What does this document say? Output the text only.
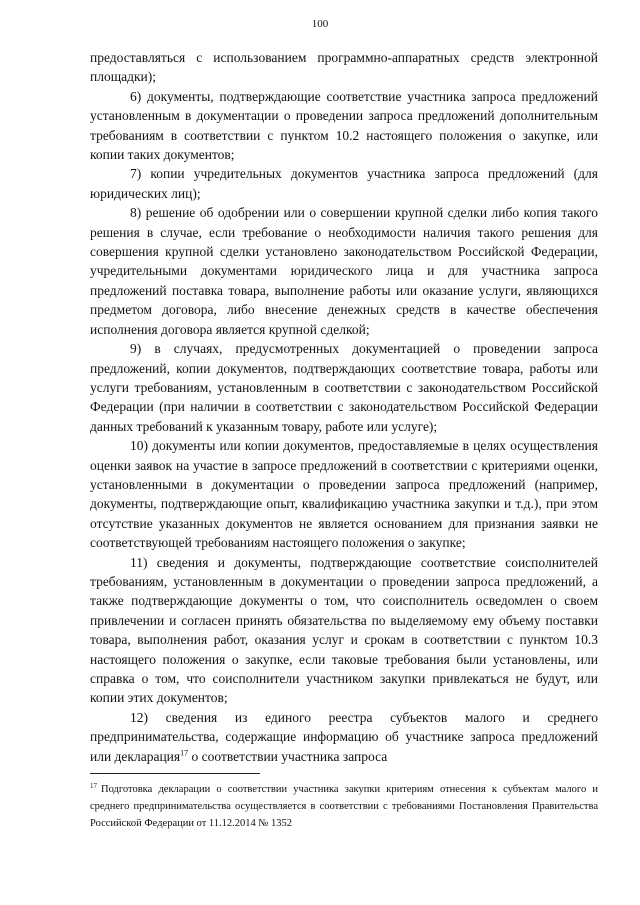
100

предоставляться с использованием программно-аппаратных средств электронной площадки);

6) документы, подтверждающие соответствие участника запроса предложений установленным в документации о проведении запроса предложений дополнительным требованиям в соответствии с пунктом 10.2 настоящего положения о закупке, или копии таких документов;

7) копии учредительных документов участника запроса предложений (для юридических лиц);

8) решение об одобрении или о совершении крупной сделки либо копия такого решения в случае, если требование о необходимости наличия такого решения для совершения крупной сделки установлено законодательством Российской Федерации, учредительными документами юридического лица и для участника запроса предложений поставка товара, выполнение работы или оказание услуги, являющихся предметом договора, либо внесение денежных средств в качестве обеспечения исполнения договора является крупной сделкой;

9) в случаях, предусмотренных документацией о проведении запроса предложений, копии документов, подтверждающих соответствие товара, работы или услуги требованиям, установленным в соответствии с законодательством Российской Федерации (при наличии в соответствии с законодательством Российской Федерации данных требований к указанным товару, работе или услуге);

10) документы или копии документов, предоставляемые в целях осуществления оценки заявок на участие в запросе предложений в соответствии с критериями оценки, установленными в документации о проведении запроса предложений (например, документы, подтверждающие опыт, квалификацию участника закупки и т.д.), при этом отсутствие указанных документов не является основанием для признания заявки не соответствующей требованиям настоящего положения о закупке;

11) сведения и документы, подтверждающие соответствие соисполнителей требованиям, установленным в документации о проведении запроса предложений, а также подтверждающие документы о том, что соисполнитель осведомлен о своем привлечении и согласен принять обязательства по выделяемому ему объему поставки товара, выполнения работ, оказания услуг и срокам в соответствии с пунктом 10.3 настоящего положения о закупке, если таковые требования были установлены, или справка о том, что соисполнители участником закупки привлекаться не будут, или копии этих документов;

12) сведения из единого реестра субъектов малого и среднего предпринимательства, содержащие информацию об участнике запроса предложений или декларация$^{17}$ о соответствии участника запроса

$^{17}$ Подготовка декларации о соответствии участника закупки критериям отнесения к субъектам малого и среднего предпринимательства осуществляется в соответствии с требованиями Постановления Правительства Российской Федерации от 11.12.2014 № 1352
